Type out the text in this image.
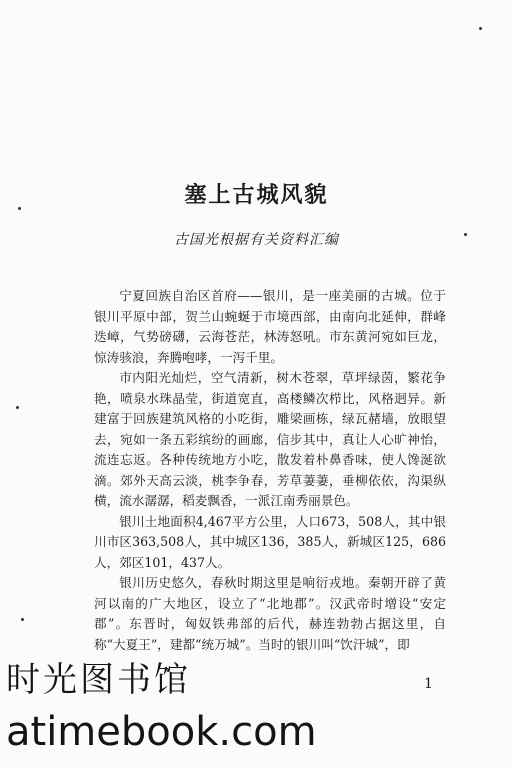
塞上古城风貌
古国光根据有关资料汇编

宁夏回族自治区首府——银川，是一座美丽的古城。位于银川平原中部，贺兰山蜿蜒于市境西部，由南向北延伸，群峰迭嶂，气势磅礴，云海苍茫，林涛怒吼。市东黄河宛如巨龙，惊涛骇浪，奔腾咆哮，一泻千里。

市内阳光灿烂，空气清新，树木苍翠，草坪绿茵，繁花争艳，喷泉水珠晶莹，街道宽直，高楼鳞次栉比，风格迥异。新建富于回族建筑风格的小吃街，雕梁画栋，绿瓦赭墙，放眼望去，宛如一条五彩缤纷的画廊，信步其中，真让人心旷神怡，流连忘返。各种传统地方小吃，散发着朴鼻香味，使人馋涎欲滴。郊外天高云淡，桃李争春，芳草萋萋，垂柳依依，沟渠纵横，流水潺潺，稻麦飘香，一派江南秀丽景色。

银川土地面积4,467平方公里，人口673，508人，其中银川市区363,508人，其中城区136，385人，新城区125，686人，郊区101，437人。

银川历史悠久，春秋时期这里是响衍戎地。秦朝开辟了黄河以南的广大地区，设立了“北地郡”。汉武帝时增设“安定郡”。东晋时，匈奴铁弗部的后代，赫连勃勃占据这里，自称“大夏王”，建都“统万城”。当时的银川叫“饮汗城”，即

1
时光图书馆
atimebook.com
